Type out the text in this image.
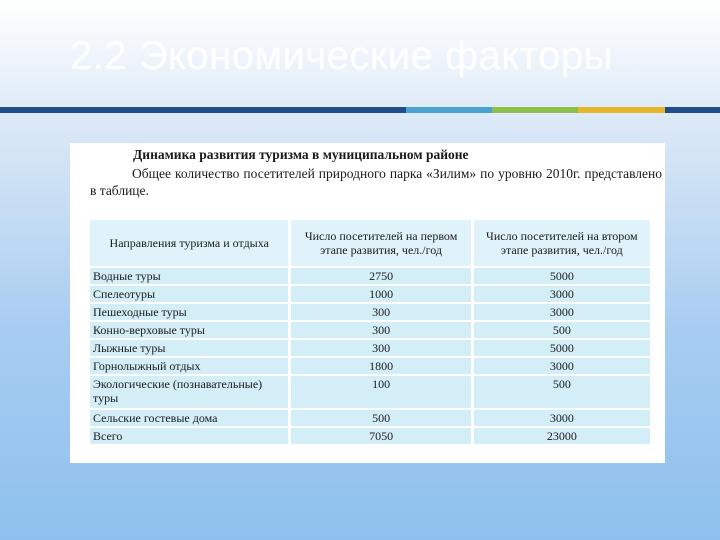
2.2 Экономические факторы
Динамика развития туризма в муниципальном районе
Общее количество посетителей природного парка «Зилим» по уровню 2010г. представлено в таблице.
Направления туризма и отдыха	Число посетителей на первом этапе развития, чел./год	Число посетителей на втором этапе развития, чел./год
Водные туры	2750	5000
Спелеотуры	1000	3000
Пешеходные туры	300	3000
Конно-верховые туры	300	500
Лыжные туры	300	5000
Горнолыжный отдых	1800	3000
Экологические (познавательные) туры	100	500
Сельские гостевые дома	500	3000
Всего	7050	23000
